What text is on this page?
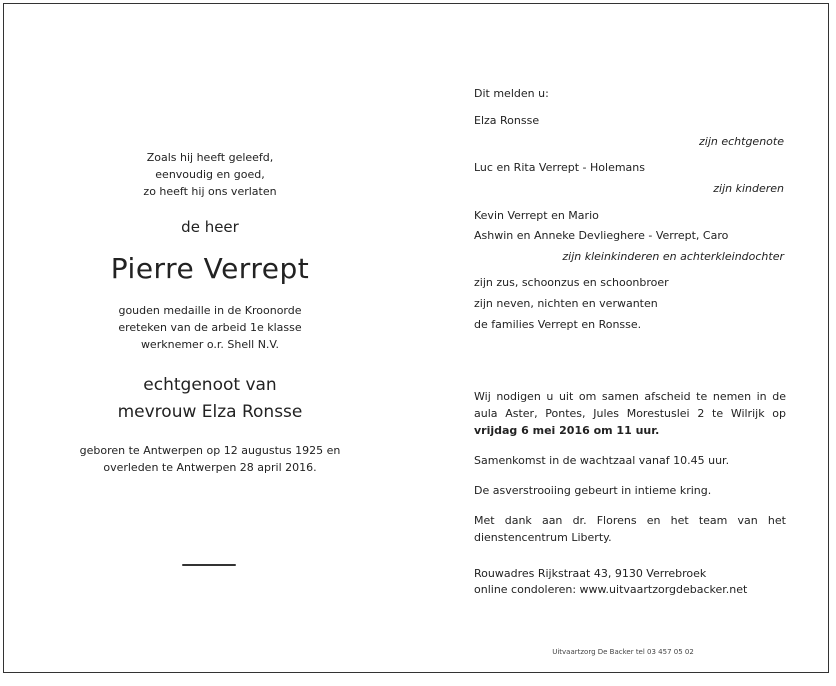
Zoals hij heeft geleefd,
eenvoudig en goed,
zo heeft hij ons verlaten
de heer
Pierre Verrept
gouden medaille in de Kroonorde
ereteken van de arbeid 1e klasse
werknemer o.r. Shell N.V.
echtgenoot van
mevrouw Elza Ronsse
geboren te Antwerpen op 12 augustus 1925 en
overleden te Antwerpen 28 april 2016.
Dit melden u:
Elza Ronsse
zijn echtgenote
Luc en Rita Verrept - Holemans
zijn kinderen
Kevin Verrept en Mario
Ashwin en Anneke Devlieghere - Verrept, Caro
zijn kleinkinderen en achterkleindochter
zijn zus, schoonzus en schoonbroer
zijn neven, nichten en verwanten
de families Verrept en Ronsse.
Wij nodigen u uit om samen afscheid te nemen in de aula Aster, Pontes, Jules Morestuslei 2 te Wilrijk op vrijdag 6 mei 2016 om 11 uur.
Samenkomst in de wachtzaal vanaf 10.45 uur.
De asverstrooiing gebeurt in intieme kring.
Met dank aan dr. Florens en het team van het dienstencentrum Liberty.
Rouwadres Rijkstraat 43, 9130 Verrebroek
online condoleren: www.uitvaartzorgdebacker.net
Uitvaartzorg De Backer tel 03 457 05 02
